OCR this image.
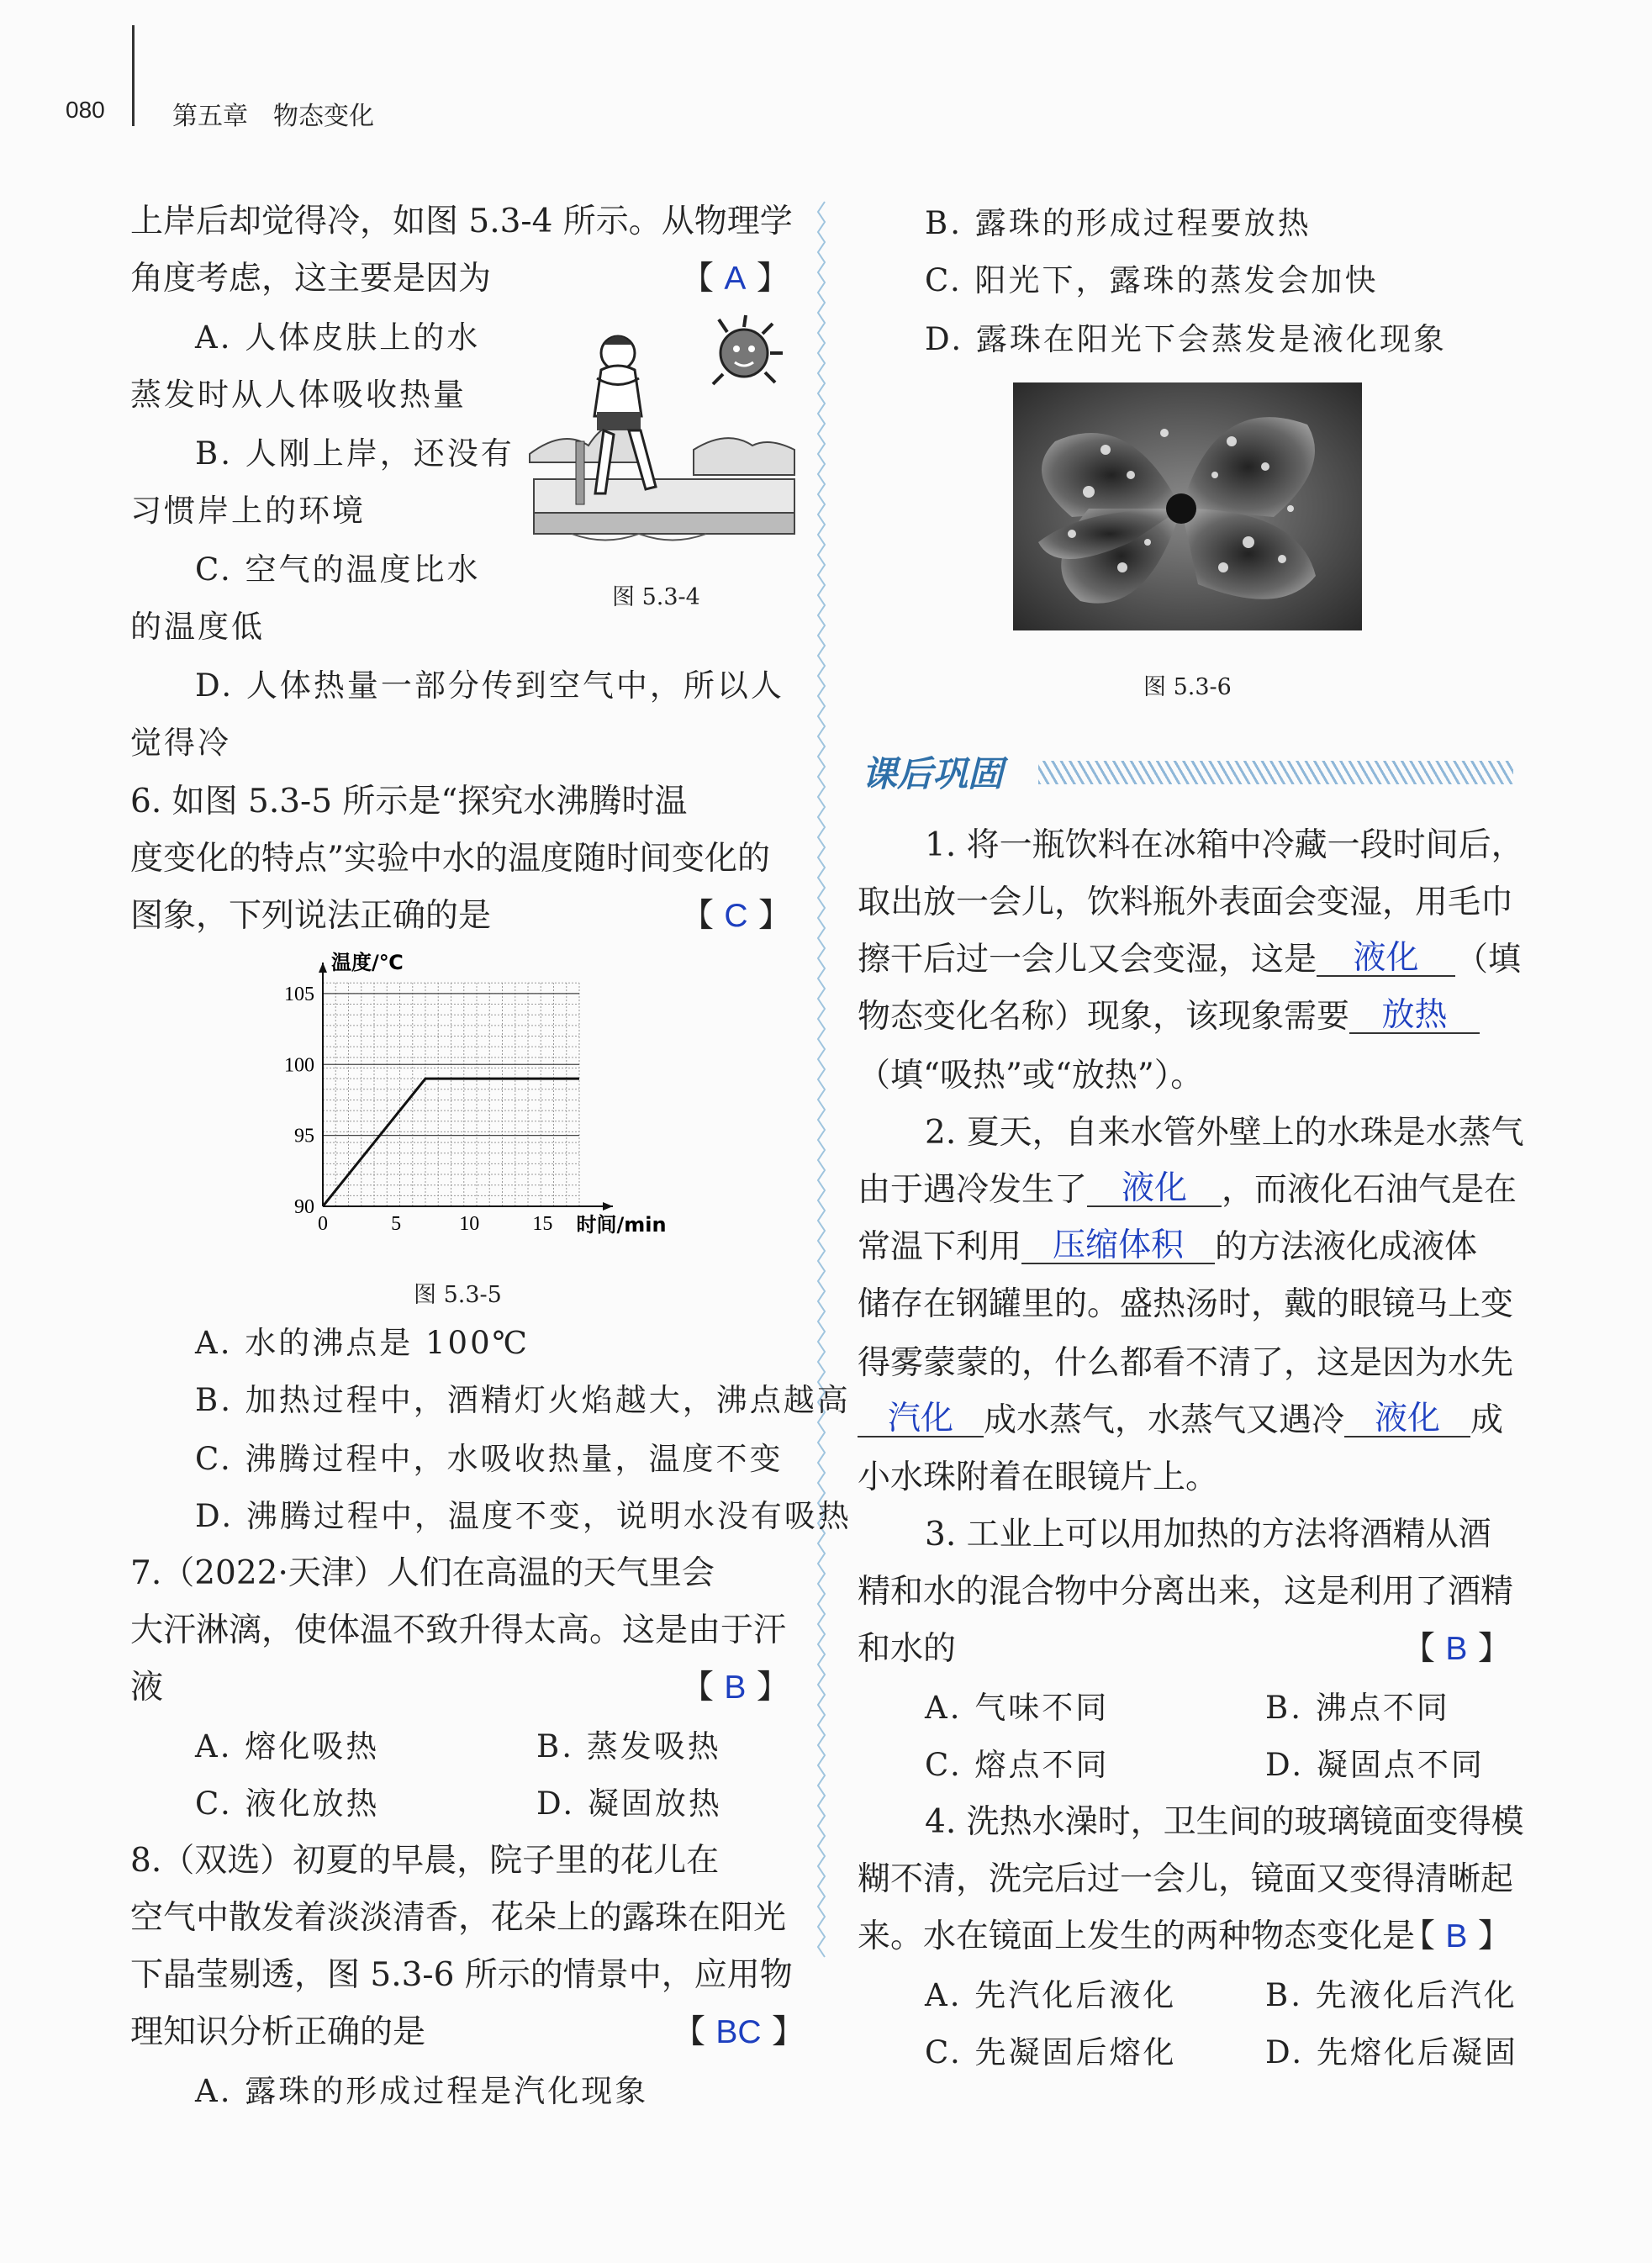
080	第五章　物态变化
上岸后却觉得冷，如图 5.3-4 所示。从物理学
角度考虑，这主要是因为	【 A 】
A. 人体皮肤上的水
蒸发时从人体吸收热量
B. 人刚上岸，还没有
习惯岸上的环境
C. 空气的温度比水
的温度低
D. 人体热量一部分传到空气中，所以人
觉得冷
图 5.3-4
6. 如图 5.3-5 所示是“探究水沸腾时温
度变化的特点”实验中水的温度随时间变化的
图象，下列说法正确的是	【 C 】
0	5	10	15
90
95
100
105
时间/min
温度/℃
图 5.3-5
A. 水的沸点是 100℃
B. 加热过程中，酒精灯火焰越大，沸点越高
C. 沸腾过程中，水吸收热量，温度不变
D. 沸腾过程中，温度不变，说明水没有吸热
7.（2022·天津）人们在高温的天气里会
大汗淋漓，使体温不致升得太高。这是由于汗
液	【 B 】
A. 熔化吸热	B. 蒸发吸热
C. 液化放热	D. 凝固放热
8.（双选）初夏的早晨，院子里的花儿在
空气中散发着淡淡清香，花朵上的露珠在阳光
下晶莹剔透，图 5.3-6 所示的情景中，应用物
理知识分析正确的是	【 BC 】
A. 露珠的形成过程是汽化现象
B. 露珠的形成过程要放热
C. 阳光下，露珠的蒸发会加快
D. 露珠在阳光下会蒸发是液化现象
图 5.3-6
课后巩固
1. 将一瓶饮料在冰箱中冷藏一段时间后，
取出放一会儿，饮料瓶外表面会变湿，用毛巾
擦干后过一会儿又会变湿，这是 液化 （填
物态变化名称）现象，该现象需要 放热
（填“吸热”或“放热”）。
2. 夏天，自来水管外壁上的水珠是水蒸气
由于遇冷发生了 液化 ，而液化石油气是在
常温下利用 压缩体积 的方法液化成液体
储存在钢罐里的。盛热汤时，戴的眼镜马上变
得雾蒙蒙的，什么都看不清了，这是因为水先
汽化 成水蒸气，水蒸气又遇冷 液化 成
小水珠附着在眼镜片上。
3. 工业上可以用加热的方法将酒精从酒
精和水的混合物中分离出来，这是利用了酒精
和水的	【 B 】
A. 气味不同	B. 沸点不同
C. 熔点不同	D. 凝固点不同
4. 洗热水澡时，卫生间的玻璃镜面变得模
糊不清，洗完后过一会儿，镜面又变得清晰起
来。水在镜面上发生的两种物态变化是
【 B 】
A. 先汽化后液化	B. 先液化后汽化
C. 先凝固后熔化	D. 先熔化后凝固
